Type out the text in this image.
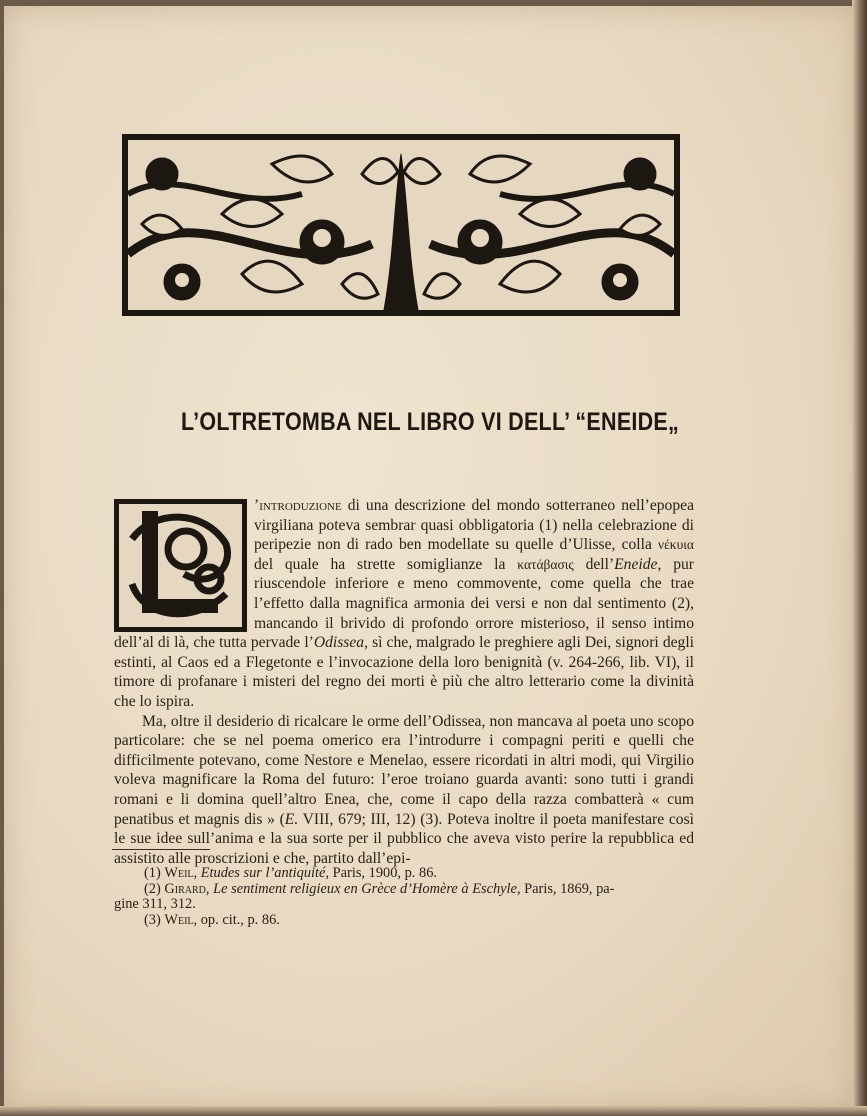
L’OLTRETOMBA NEL LIBRO VI DELL’ “ENEIDE„

’introduzione di una descrizione del mondo sotterraneo nell’epopea virgiliana poteva sembrar quasi obbligatoria (1) nella celebrazione di peripezie non di rado ben modellate su quelle d’Ulisse, colla νέκυια del quale ha strette somiglianze la κατάβασις dell’Eneide, pur riuscendole inferiore e meno commovente, come quella che trae l’effetto dalla magnifica armonia dei versi e non dal sentimento (2), mancando il brivido di profondo orrore misterioso, il senso intimo dell’al di là, che tutta pervade l’Odissea, sì che, malgrado le preghiere agli Dei, signori degli estinti, al Caos ed a Flegetonte e l’invocazione della loro benignità (v. 264-266, lib. VI), il timore di profanare i misteri del regno dei morti è più che altro letterario come la divinità che lo ispira.

Ma, oltre il desiderio di ricalcare le orme dell’Odissea, non mancava al poeta uno scopo particolare: che se nel poema omerico era l’introdurre i compagni periti e quelli che difficilmente potevano, come Nestore e Menelao, essere ricordati in altri modi, qui Virgilio voleva magnificare la Roma del futuro: l’eroe troiano guarda avanti: sono tutti i grandi romani e li domina quell’altro Enea, che, come il capo della razza combatterà « cum penatibus et magnis dis » (E. VIII, 679; III, 12) (3). Poteva inoltre il poeta manifestare così le sue idee sull’anima e la sua sorte per il pubblico che aveva visto perire la repubblica ed assistito alle proscrizioni e che, partito dall’epi-

(1) Weil, Etudes sur l’antiquité, Paris, 1900, p. 86.
(2) Girard, Le sentiment religieux en Grèce d’Homère à Eschyle, Paris, 1869, pa-
gine 311, 312.
(3) Weil, op. cit., p. 86.
